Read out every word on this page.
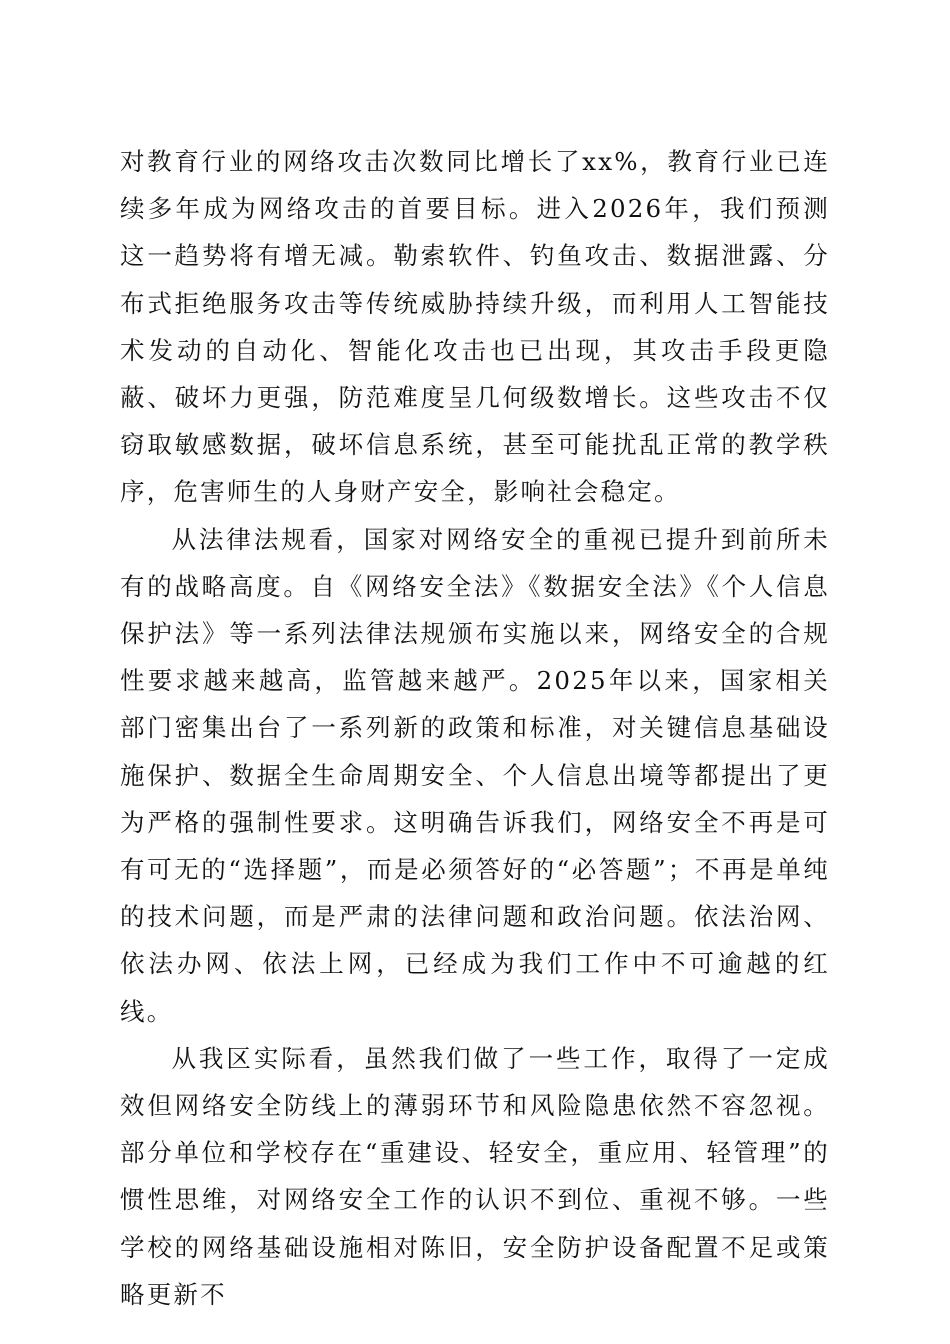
对教育行业的网络攻击次数同比增长了xx%，教育行业已连续多年成为网络攻击的首要目标。进入2026年，我们预测这一趋势将有增无减。勒索软件、钓鱼攻击、数据泄露、分布式拒绝服务攻击等传统威胁持续升级，而利用人工智能技术发动的自动化、智能化攻击也已出现，其攻击手段更隐蔽、破坏力更强，防范难度呈几何级数增长。这些攻击不仅窃取敏感数据，破坏信息系统，甚至可能扰乱正常的教学秩序，危害师生的人身财产安全，影响社会稳定。

从法律法规看，国家对网络安全的重视已提升到前所未有的战略高度。自《网络安全法》《数据安全法》《个人信息保护法》等一系列法律法规颁布实施以来，网络安全的合规性要求越来越高，监管越来越严。2025年以来，国家相关部门密集出台了一系列新的政策和标准，对关键信息基础设施保护、数据全生命周期安全、个人信息出境等都提出了更为严格的强制性要求。这明确告诉我们，网络安全不再是可有可无的“选择题”，而是必须答好的“必答题”；不再是单纯的技术问题，而是严肃的法律问题和政治问题。依法治网、依法办网、依法上网，已经成为我们工作中不可逾越的红线。

从我区实际看，虽然我们做了一些工作，取得了一定成效但网络安全防线上的薄弱环节和风险隐患依然不容忽视。部分单位和学校存在“重建设、轻安全，重应用、轻管理”的惯性思维，对网络安全工作的认识不到位、重视不够。一些学校的网络基础设施相对陈旧，安全防护设备配置不足或策略更新不
